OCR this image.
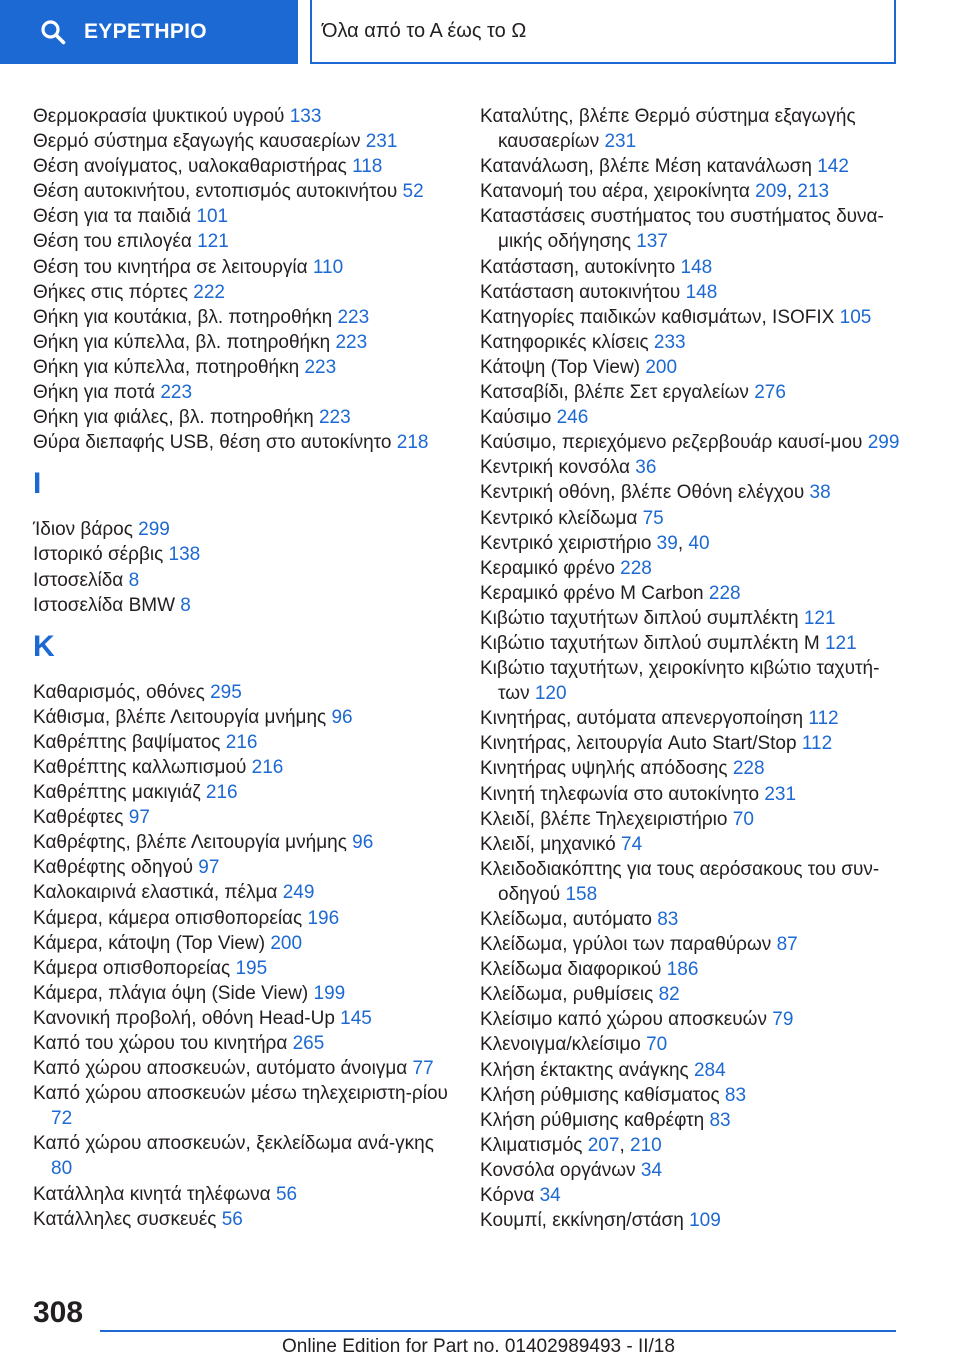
ΕΥΡΕΤΗΡΙΟ	Όλα από το Α έως το Ω
Θερμοκρασία ψυκτικού υγρού 133
Θερμό σύστημα εξαγωγής καυσαερίων 231
Θέση ανοίγματος, υαλοκαθαριστήρας 118
Θέση αυτοκινήτου, εντοπισμός αυτοκινήτου 52
Θέση για τα παιδιά 101
Θέση του επιλογέα 121
Θέση του κινητήρα σε λειτουργία 110
Θήκες στις πόρτες 222
Θήκη για κουτάκια, βλ. ποτηροθήκη 223
Θήκη για κύπελλα, βλ. ποτηροθήκη 223
Θήκη για κύπελλα, ποτηροθήκη 223
Θήκη για ποτά 223
Θήκη για φιάλες, βλ. ποτηροθήκη 223
Θύρα διεπαφής USB, θέση στο αυτοκίνητο 218
Ι
Ίδιον βάρος 299
Ιστορικό σέρβις 138
Ιστοσελίδα 8
Ιστοσελίδα BMW 8
Κ
Καθαρισμός, οθόνες 295
Κάθισμα, βλέπε Λειτουργία μνήμης 96
Καθρέπτης βαψίματος 216
Καθρέπτης καλλωπισμού 216
Καθρέπτης μακιγιάζ 216
Καθρέφτες 97
Καθρέφτης, βλέπε Λειτουργία μνήμης 96
Καθρέφτης οδηγού 97
Καλοκαιρινά ελαστικά, πέλμα 249
Κάμερα, κάμερα οπισθοπορείας 196
Κάμερα, κάτοψη (Top View) 200
Κάμερα οπισθοπορείας 195
Κάμερα, πλάγια όψη (Side View) 199
Κανονική προβολή, οθόνη Head-Up 145
Καπό του χώρου του κινητήρα 265
Καπό χώρου αποσκευών, αυτόματο άνοιγμα 77
Καπό χώρου αποσκευών μέσω τηλεχειριστη‐ρίου 72
Καπό χώρου αποσκευών, ξεκλείδωμα ανά‐γκης 80
Κατάλληλα κινητά τηλέφωνα 56
Κατάλληλες συσκευές 56
Καταλύτης, βλέπε Θερμό σύστημα εξαγωγής καυσαερίων 231
Κατανάλωση, βλέπε Μέση κατανάλωση 142
Κατανομή του αέρα, χειροκίνητα 209, 213
Καταστάσεις συστήματος του συστήματος δυνα‐μικής οδήγησης 137
Κατάσταση, αυτοκίνητο 148
Κατάσταση αυτοκινήτου 148
Κατηγορίες παιδικών καθισμάτων, ISOFIX 105
Κατηφορικές κλίσεις 233
Κάτοψη (Top View) 200
Κατσαβίδι, βλέπε Σετ εργαλείων 276
Καύσιμο 246
Καύσιμο, περιεχόμενο ρεζερβουάρ καυσί‐μου 299
Κεντρική κονσόλα 36
Κεντρική οθόνη, βλέπε Οθόνη ελέγχου 38
Κεντρικό κλείδωμα 75
Κεντρικό χειριστήριο 39, 40
Κεραμικό φρένο 228
Κεραμικό φρένο M Carbon 228
Κιβώτιο ταχυτήτων διπλού συμπλέκτη 121
Κιβώτιο ταχυτήτων διπλού συμπλέκτη M 121
Κιβώτιο ταχυτήτων, χειροκίνητο κιβώτιο ταχυτή‐των 120
Κινητήρας, αυτόματα απενεργοποίηση 112
Κινητήρας, λειτουργία Auto Start/Stop 112
Κινητήρας υψηλής απόδοσης 228
Κινητή τηλεφωνία στο αυτοκίνητο 231
Κλειδί, βλέπε Τηλεχειριστήριο 70
Κλειδί, μηχανικό 74
Κλειδοδιακόπτης για τους αερόσακους του συν‐οδηγού 158
Κλείδωμα, αυτόματο 83
Κλείδωμα, γρύλοι των παραθύρων 87
Κλείδωμα διαφορικού 186
Κλείδωμα, ρυθμίσεις 82
Κλείσιμο καπό χώρου αποσκευών 79
Κλενοιγμα/κλείσιμο 70
Κλήση έκτακτης ανάγκης 284
Κλήση ρύθμισης καθίσματος 83
Κλήση ρύθμισης καθρέφτη 83
Κλιματισμός 207, 210
Κονσόλα οργάνων 34
Κόρνα 34
Κουμπί, εκκίνηση/στάση 109
308
Online Edition for Part no. 01402989493 - II/18
